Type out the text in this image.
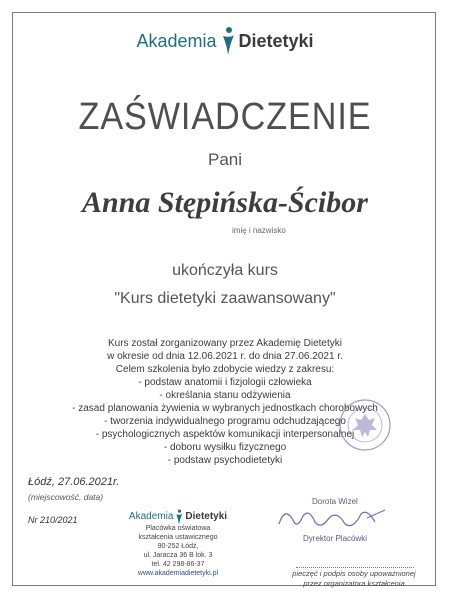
Akademia Dietetyki
ZAŚWIADCZENIE
Pani
Anna Stępińska-Ścibor
imię i nazwisko
ukończyła kurs
"Kurs dietetyki zaawansowany"
Kurs został zorganizowany przez Akademię Dietetyki
w okresie od dnia 12.06.2021 r. do dnia 27.06.2021 r.
Celem szkolenia było zdobycie wiedzy z zakresu:
- podstaw anatomii i fizjologii człowieka
- określania stanu odżywienia
- zasad planowania żywienia w wybranych jednostkach chorobowych
- tworzenia indywidualnego programu odchudzającego
- psychologicznych aspektów komunikacji interpersonalnej
- doboru wysiłku fizycznego
- podstaw psychodietetyki
Łódź, 27.06.2021r.
(miejscowość, data)
Nr 210/2021	Akademia Dietetyki
Placówka oświatowa
kształcenia ustawicznego
90-252 Łódź,
ul. Jaracza 36 B lok. 3
tel. 42 298-86-37
www.akademiadietetyki.pl
Dorota Wizel
Dyrektor Placówki
pieczęć i podpis osoby upoważnionej
przez organizatora kształcenia
